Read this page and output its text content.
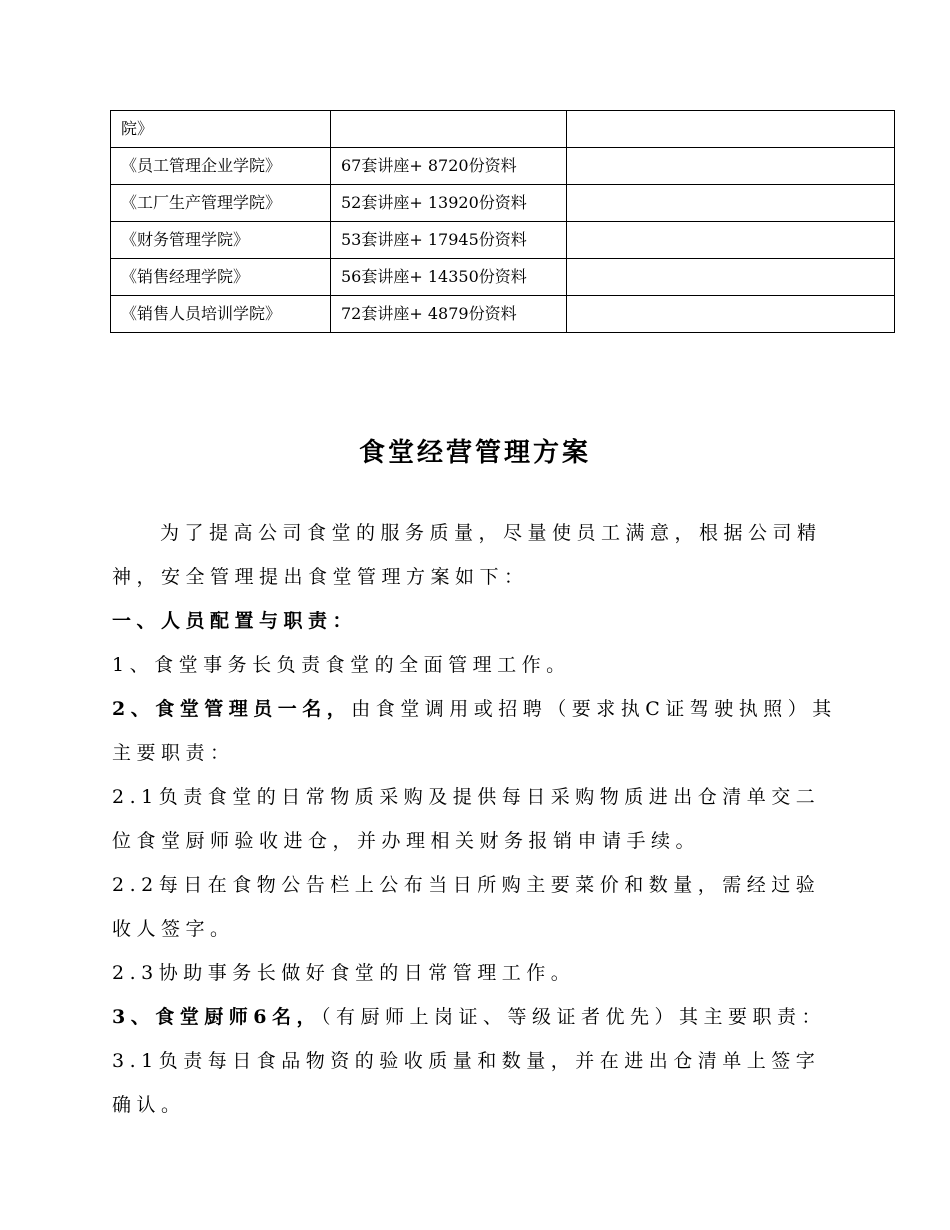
院》		
《员工管理企业学院》	67套讲座+ 8720份资料	
《工厂生产管理学院》	52套讲座+ 13920份资料	
《财务管理学院》	53套讲座+ 17945份资料	

《销售经理学院》	56套讲座+ 14350份资料	
《销售人员培训学院》	72套讲座+ 4879份资料	
食堂经营管理方案

为了提高公司食堂的服务质量，尽量使员工满意，根据公司精神，安全管理提出食堂管理方案如下：

一、人员配置与职责：

1、食堂事务长负责食堂的全面管理工作。

2、食堂管理员一名，由食堂调用或招聘（要求执C证驾驶执照）其主要职责：

2.1负责食堂的日常物质采购及提供每日采购物质进出仓清单交二位食堂厨师验收进仓，并办理相关财务报销申请手续。

2.2每日在食物公告栏上公布当日所购主要菜价和数量，需经过验收人签字。

2.3协助事务长做好食堂的日常管理工作。

3、食堂厨师6名，（有厨师上岗证、等级证者优先）其主要职责：

3.1负责每日食品物资的验收质量和数量，并在进出仓清单上签字确认。
